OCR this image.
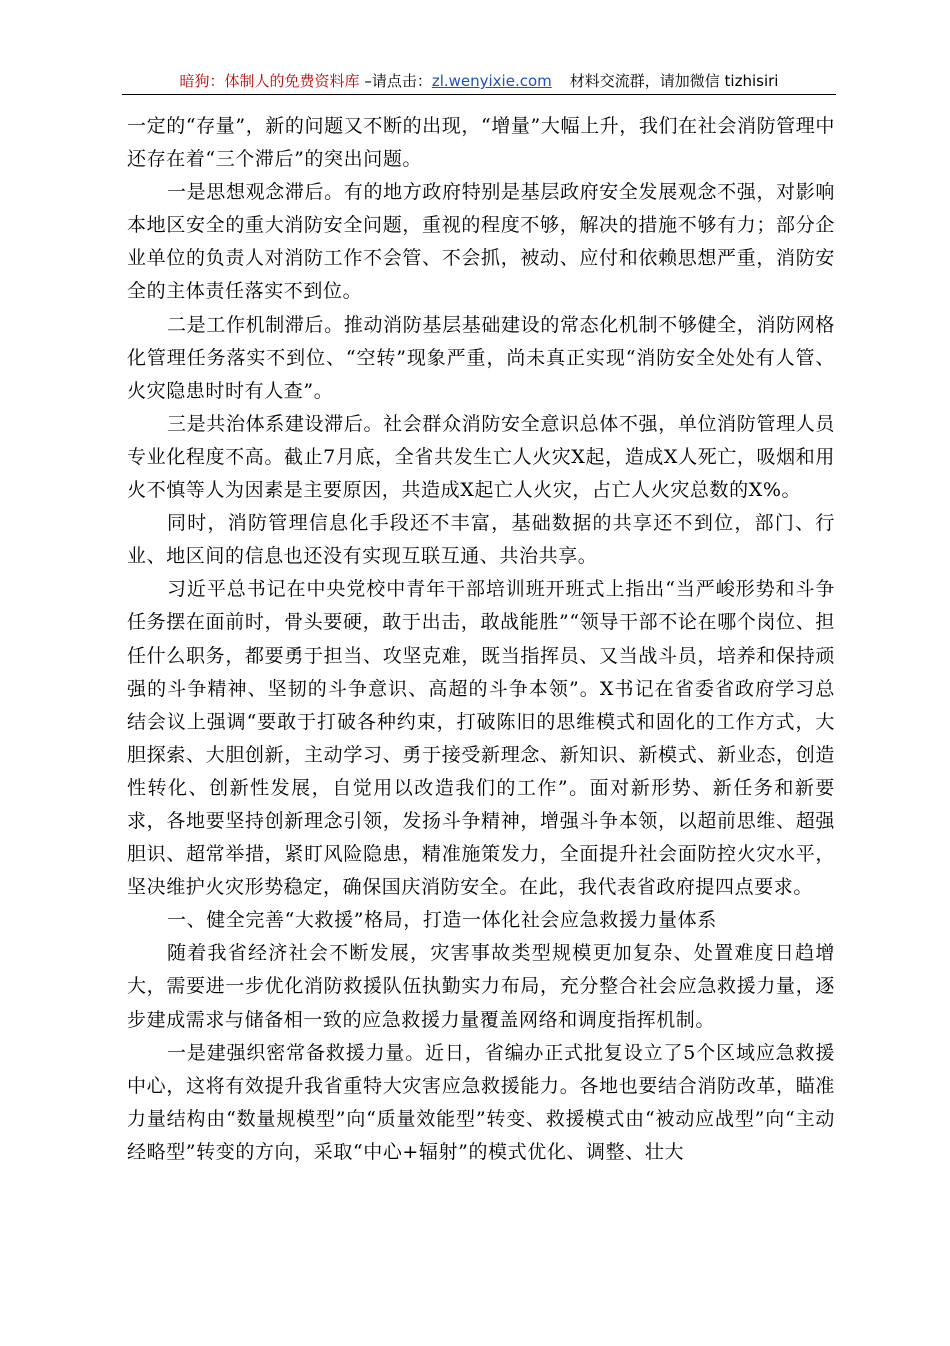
暗狗：体制人的免费资料库 –请点击：zl.wenyixie.com 材料交流群，请加微信 tizhisiri

一定的“存量”，新的问题又不断的出现，“增量”大幅上升，我们在社会消防管理中还存在着“三个滞后”的突出问题。

一是思想观念滞后。有的地方政府特别是基层政府安全发展观念不强，对影响本地区安全的重大消防安全问题，重视的程度不够，解决的措施不够有力；部分企业单位的负责人对消防工作不会管、不会抓，被动、应付和依赖思想严重，消防安全的主体责任落实不到位。

二是工作机制滞后。推动消防基层基础建设的常态化机制不够健全，消防网格化管理任务落实不到位、“空转”现象严重，尚未真正实现“消防安全处处有人管、火灾隐患时时有人查”。

三是共治体系建设滞后。社会群众消防安全意识总体不强，单位消防管理人员专业化程度不高。截止7月底，全省共发生亡人火灾X起，造成X人死亡，吸烟和用火不慎等人为因素是主要原因，共造成X起亡人火灾，占亡人火灾总数的X%。

同时，消防管理信息化手段还不丰富，基础数据的共享还不到位，部门、行业、地区间的信息也还没有实现互联互通、共治共享。

习近平总书记在中央党校中青年干部培训班开班式上指出“当严峻形势和斗争任务摆在面前时，骨头要硬，敢于出击，敢战能胜”“领导干部不论在哪个岗位、担任什么职务，都要勇于担当、攻坚克难，既当指挥员、又当战斗员，培养和保持顽强的斗争精神、坚韧的斗争意识、高超的斗争本领”。X书记在省委省政府学习总结会议上强调“要敢于打破各种约束，打破陈旧的思维模式和固化的工作方式，大胆探索、大胆创新，主动学习、勇于接受新理念、新知识、新模式、新业态，创造性转化、创新性发展，自觉用以改造我们的工作”。面对新形势、新任务和新要求，各地要坚持创新理念引领，发扬斗争精神，增强斗争本领，以超前思维、超强胆识、超常举措，紧盯风险隐患，精准施策发力，全面提升社会面防控火灾水平，坚决维护火灾形势稳定，确保国庆消防安全。在此，我代表省政府提四点要求。

一、健全完善“大救援”格局，打造一体化社会应急救援力量体系

随着我省经济社会不断发展，灾害事故类型规模更加复杂、处置难度日趋增大，需要进一步优化消防救援队伍执勤实力布局，充分整合社会应急救援力量，逐步建成需求与储备相一致的应急救援力量覆盖网络和调度指挥机制。

一是建强织密常备救援力量。近日，省编办正式批复设立了5个区域应急救援中心，这将有效提升我省重特大灾害应急救援能力。各地也要结合消防改革，瞄准力量结构由“数量规模型”向“质量效能型”转变、救援模式由“被动应战型”向“主动经略型”转变的方向，采取“中心+辐射”的模式优化、调整、壮大
